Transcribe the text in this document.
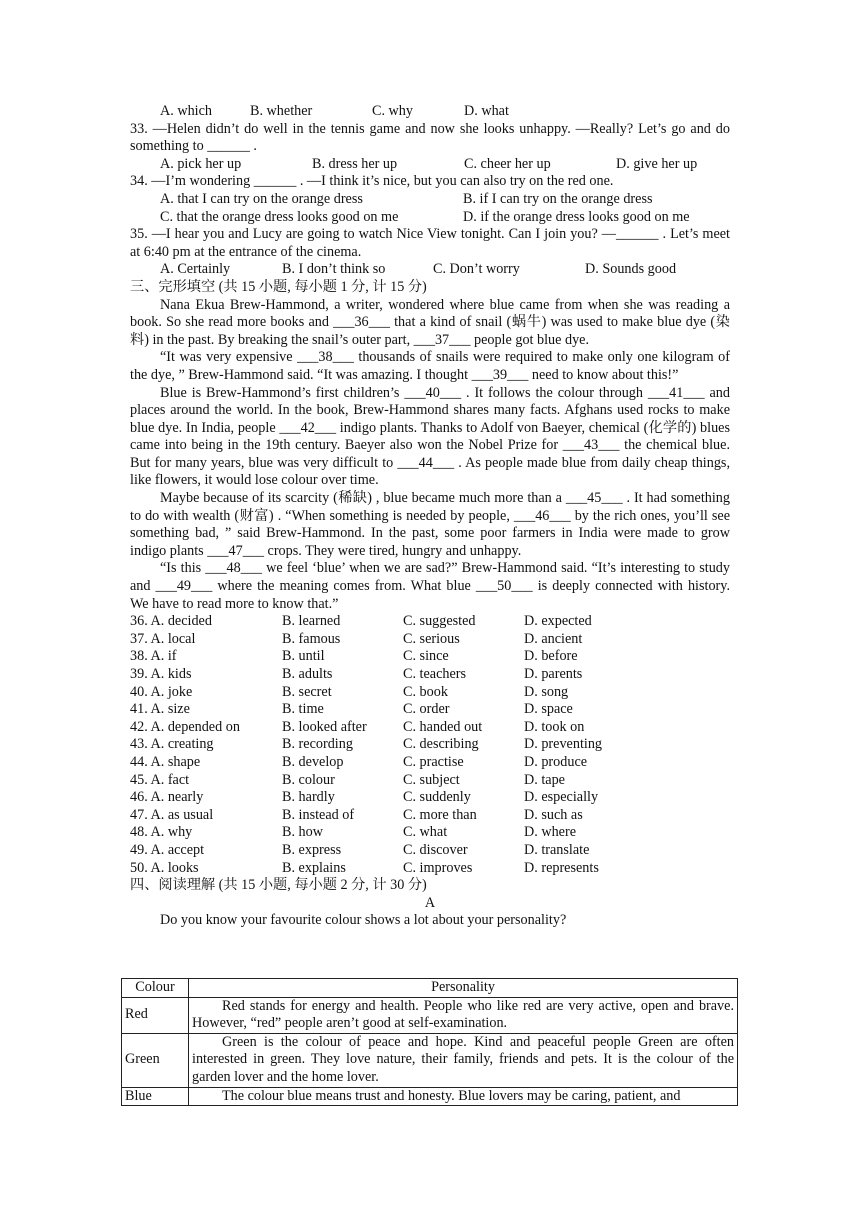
A. which	B. whether	C. why	D. what
33. —Helen didn’t do well in the tennis game and now she looks unhappy. —Really? Let’s go and do something to ______ .
A. pick her up	B. dress her up	C. cheer her up	D. give her up
34. —I’m wondering ______ . —I think it’s nice, but you can also try on the red one.
A. that I can try on the orange dress	B. if I can try on the orange dress
C. that the orange dress looks good on me	D. if the orange dress looks good on me
35. —I hear you and Lucy are going to watch Nice View tonight. Can I join you? —______ . Let’s meet at 6:40 pm at the entrance of the cinema.
A. Certainly	B. I don’t think so	C. Don’t worry	D. Sounds good
三、完形填空 (共 15 小题, 每小题 1 分, 计 15 分)
Nana Ekua Brew-Hammond, a writer, wondered where blue came from when she was reading a book. So she read more books and ___36___ that a kind of snail (蜗牛) was used to make blue dye (染料) in the past. By breaking the snail’s outer part, ___37___ people got blue dye.
“It was very expensive ___38___ thousands of snails were required to make only one kilogram of the dye, ” Brew-Hammond said. “It was amazing. I thought ___39___ need to know about this!”
Blue is Brew-Hammond’s first children’s ___40___ . It follows the colour through ___41___ and places around the world. In the book, Brew-Hammond shares many facts. Afghans used rocks to make blue dye. In India, people ___42___ indigo plants. Thanks to Adolf von Baeyer, chemical (化学的) blues came into being in the 19th century. Baeyer also won the Nobel Prize for ___43___ the chemical blue. But for many years, blue was very difficult to ___44___ . As people made blue from daily cheap things, like flowers, it would lose colour over time.
Maybe because of its scarcity (稀缺) , blue became much more than a ___45___ . It had something to do with wealth (财富) . “When something is needed by people, ___46___ by the rich ones, you’ll see something bad, ” said Brew-Hammond. In the past, some poor farmers in India were made to grow indigo plants ___47___ crops. They were tired, hungry and unhappy.
“Is this ___48___ we feel ‘blue’ when we are sad?” Brew-Hammond said. “It’s interesting to study and ___49___ where the meaning comes from. What blue ___50___ is deeply connected with history. We have to read more to know that.”
36. A. decided	B. learned	C. suggested	D. expected
37. A. local	B. famous	C. serious	D. ancient
38. A. if	B. until	C. since	D. before
39. A. kids	B. adults	C. teachers	D. parents
40. A. joke	B. secret	C. book	D. song
41. A. size	B. time	C. order	D. space
42. A. depended on	B. looked after	C. handed out	D. took on
43. A. creating	B. recording	C. describing	D. preventing
44. A. shape	B. develop	C. practise	D. produce
45. A. fact	B. colour	C. subject	D. tape
46. A. nearly	B. hardly	C. suddenly	D. especially
47. A. as usual	B. instead of	C. more than	D. such as
48. A. why	B. how	C. what	D. where
49. A. accept	B. express	C. discover	D. translate
50. A. looks	B. explains	C. improves	D. represents
四、阅读理解 (共 15 小题, 每小题 2 分, 计 30 分)
A
Do you know your favourite colour shows a lot about your personality?
Colour	Personality
Red	Red stands for energy and health. People who like red are very active, open and brave. However, “red” people aren’t good at self-examination.
Green	Green is the colour of peace and hope. Kind and peaceful people Green are often interested in green. They love nature, their family, friends and pets. It is the colour of the garden lover and the home lover.
Blue	The colour blue means trust and honesty. Blue lovers may be caring, patient, and
